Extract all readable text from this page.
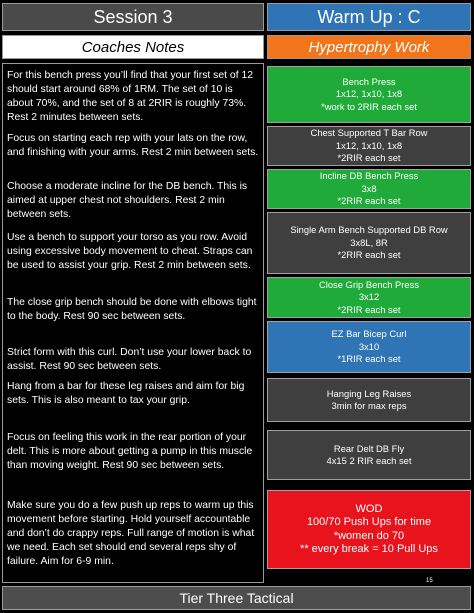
Session 3	Warm Up : C
Coaches Notes	Hypertrophy Work

For this bench press you’ll find that your first set of 12 should start around 68% of 1RM. The set of 10 is about 70%, and the set of 8 at 2RIR is roughly 73%. Rest 2 minutes between sets.

Focus on starting each rep with your lats on the row, and finishing with your arms. Rest 2 min between sets.

Choose a moderate incline for the DB bench. This is aimed at upper chest not shoulders. Rest 2 min between sets.

Use a bench to support your torso as you row. Avoid using excessive body movement to cheat. Straps can be used to assist your grip. Rest 2 min between sets.

The close grip bench should be done with elbows tight to the body. Rest 90 sec between sets.

Strict form with this curl. Don’t use your lower back to assist. Rest 90 sec between sets.

Hang from a bar for these leg raises and aim for big sets. This is also meant to tax your grip.

Focus on feeling this work in the rear portion of your delt. This is more about getting a pump in this muscle than moving weight. Rest 90 sec between sets.

Make sure you do a few push up reps to warm up this movement before starting. Hold yourself accountable and don’t do crappy reps. Full range of motion is what we need. Each set should end several reps shy of failure. Aim for 6-9 min.

Bench Press
1x12, 1x10, 1x8
*work to 2RIR each set
Chest Supported T Bar Row
1x12, 1x10, 1x8
*2RIR each set
Incline DB Bench Press
3x8
*2RIR each set
Single Arm Bench Supported DB Row
3x8L, 8R
*2RIR each set
Close Grip Bench Press
3x12
*2RIR each set
EZ Bar Bicep Curl
3x10
*1RIR each set
Hanging Leg Raises
3min for max reps
Rear Delt DB Fly
4x15 2 RIR each set
WOD
100/70 Push Ups for time
*women do 70
** every break = 10 Pull Ups
15
Tier Three Tactical
